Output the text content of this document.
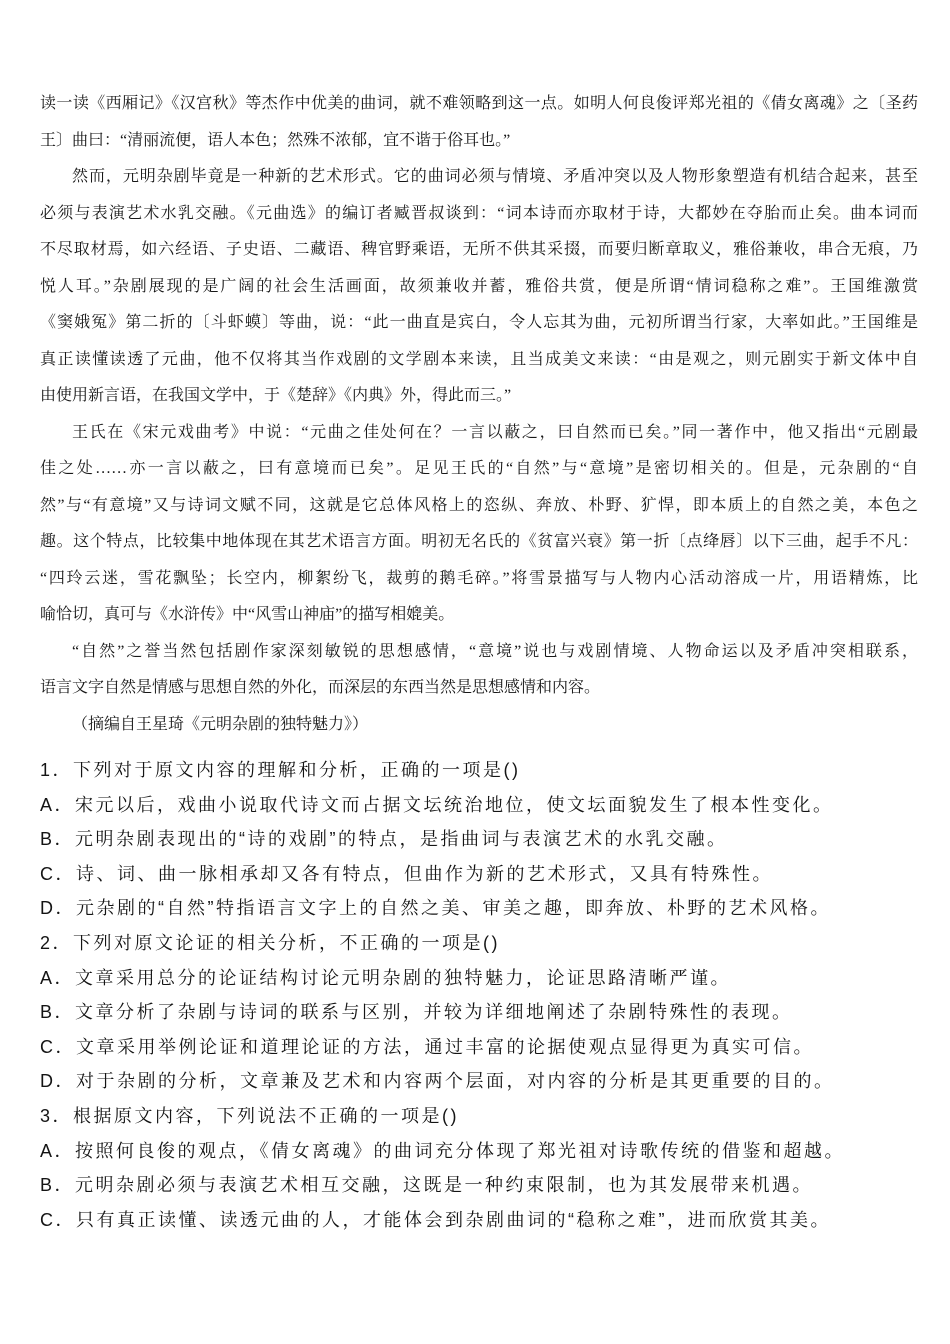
读一读《西厢记》《汉宫秋》等杰作中优美的曲词，就不难领略到这一点。如明人何良俊评郑光祖的《倩女离魂》之〔圣药
王〕曲曰：“清丽流便，语人本色；然殊不浓郁，宜不谐于俗耳也。”
然而，元明杂剧毕竟是一种新的艺术形式。它的曲词必须与情境、矛盾冲突以及人物形象塑造有机结合起来，甚至
必须与表演艺术水乳交融。《元曲选》的编订者臧晋叔谈到：“词本诗而亦取材于诗，大都妙在夺胎而止矣。曲本词而
不尽取材焉，如六经语、子史语、二藏语、稗官野乘语，无所不供其采掇，而要归断章取义，雅俗兼收，串合无痕，乃
悦人耳。”杂剧展现的是广阔的社会生活画面，故须兼收并蓄，雅俗共赏，便是所谓“情词稳称之难”。王国维激赏
《窦娥冤》第二折的〔斗虾蟆〕等曲，说：“此一曲直是宾白，令人忘其为曲，元初所谓当行家，大率如此。”王国维是
真正读懂读透了元曲，他不仅将其当作戏剧的文学剧本来读，且当成美文来读：“由是观之，则元剧实于新文体中自
由使用新言语，在我国文学中，于《楚辞》《内典》外，得此而三。”
王氏在《宋元戏曲考》中说：“元曲之佳处何在？一言以蔽之，曰自然而已矣。”同一著作中，他又指出“元剧最
佳之处……亦一言以蔽之，曰有意境而已矣”。足见王氏的“自然”与“意境”是密切相关的。但是，元杂剧的“自
然”与“有意境”又与诗词文赋不同，这就是它总体风格上的恣纵、奔放、朴野、犷悍，即本质上的自然之美，本色之
趣。这个特点，比较集中地体现在其艺术语言方面。明初无名氏的《贫富兴衰》第一折〔点绛唇〕以下三曲，起手不凡：
“四玲云迷，雪花飘坠；长空内，柳絮纷飞，裁剪的鹅毛碎。”将雪景描写与人物内心活动溶成一片，用语精炼，比
喻恰切，真可与《水浒传》中“风雪山神庙”的描写相媲美。
“自然”之誉当然包括剧作家深刻敏锐的思想感情，“意境”说也与戏剧情境、人物命运以及矛盾冲突相联系，
语言文字自然是情感与思想自然的外化，而深层的东西当然是思想感情和内容。
（摘编自王星琦《元明杂剧的独特魅力》）
1．下列对于原文内容的理解和分析，正确的一项是()
A．宋元以后，戏曲小说取代诗文而占据文坛统治地位，使文坛面貌发生了根本性变化。
B．元明杂剧表现出的“诗的戏剧”的特点，是指曲词与表演艺术的水乳交融。
C．诗、词、曲一脉相承却又各有特点，但曲作为新的艺术形式，又具有特殊性。
D．元杂剧的“自然”特指语言文字上的自然之美、审美之趣，即奔放、朴野的艺术风格。
2．下列对原文论证的相关分析，不正确的一项是()
A．文章采用总分的论证结构讨论元明杂剧的独特魅力，论证思路清晰严谨。
B．文章分析了杂剧与诗词的联系与区别，并较为详细地阐述了杂剧特殊性的表现。
C．文章采用举例论证和道理论证的方法，通过丰富的论据使观点显得更为真实可信。
D．对于杂剧的分析，文章兼及艺术和内容两个层面，对内容的分析是其更重要的目的。
3．根据原文内容，下列说法不正确的一项是()
A．按照何良俊的观点，《倩女离魂》的曲词充分体现了郑光祖对诗歌传统的借鉴和超越。
B．元明杂剧必须与表演艺术相互交融，这既是一种约束限制，也为其发展带来机遇。
C．只有真正读懂、读透元曲的人，才能体会到杂剧曲词的“稳称之难”，进而欣赏其美。
